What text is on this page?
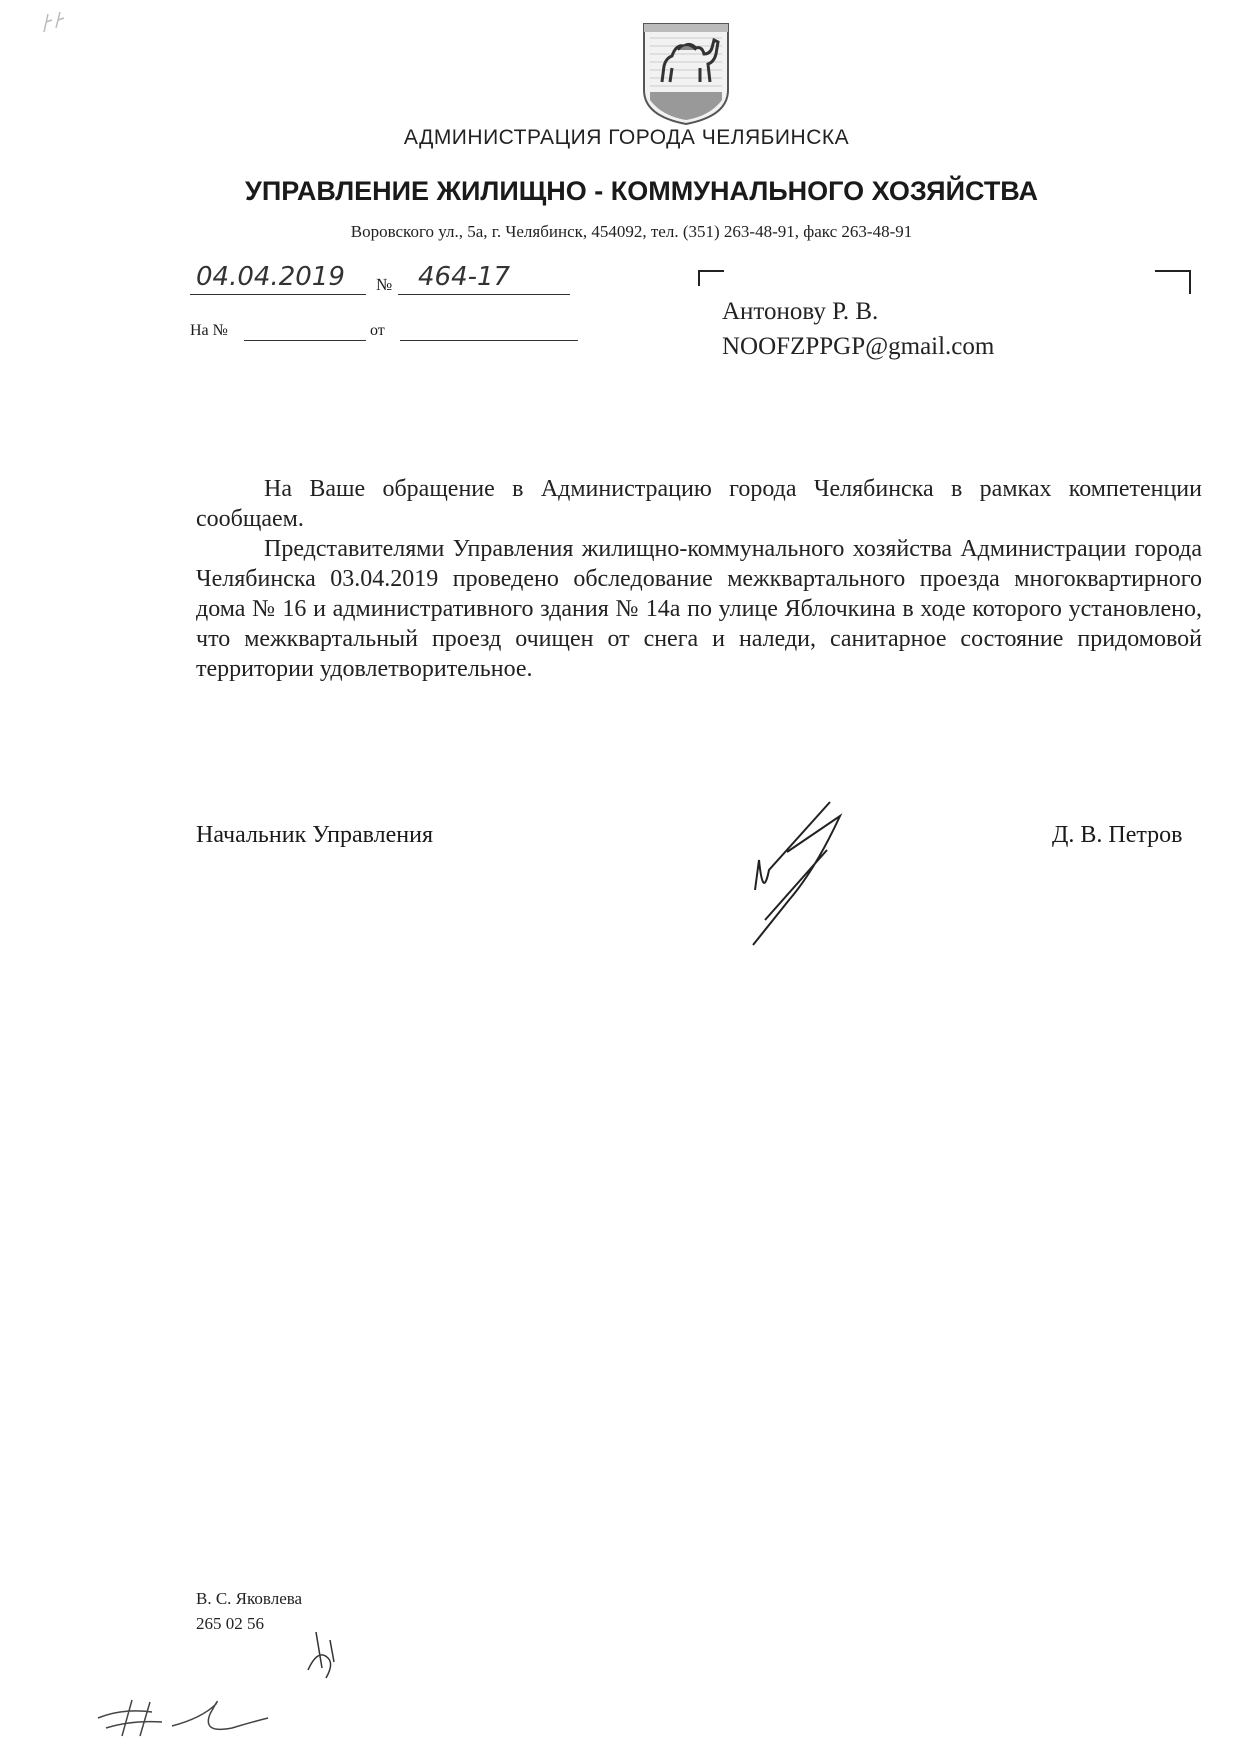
АДМИНИСТРАЦИЯ ГОРОДА ЧЕЛЯБИНСКА
УПРАВЛЕНИЕ ЖИЛИЩНО - КОММУНАЛЬНОГО ХОЗЯЙСТВА
Воровского ул., 5а, г. Челябинск, 454092, тел. (351) 263-48-91, факс 263-48-91
04.04.2019 № 464-17
На №	от
Антонову Р. В.
NOOFZPPGP@gmail.com

На Ваше обращение в Администрацию города Челябинска в рамках компетенции сообщаем.

Представителями Управления жилищно-коммунального хозяйства Администрации города Челябинска 03.04.2019 проведено обследование межквартального проезда многоквартирного дома № 16 и административного здания № 14а по улице Яблочкина в ходе которого установлено, что межквартальный проезд очищен от снега и наледи, санитарное состояние придомовой территории удовлетворительное.

Начальник Управления	Д. В. Петров
В. С. Яковлева
265 02 56
